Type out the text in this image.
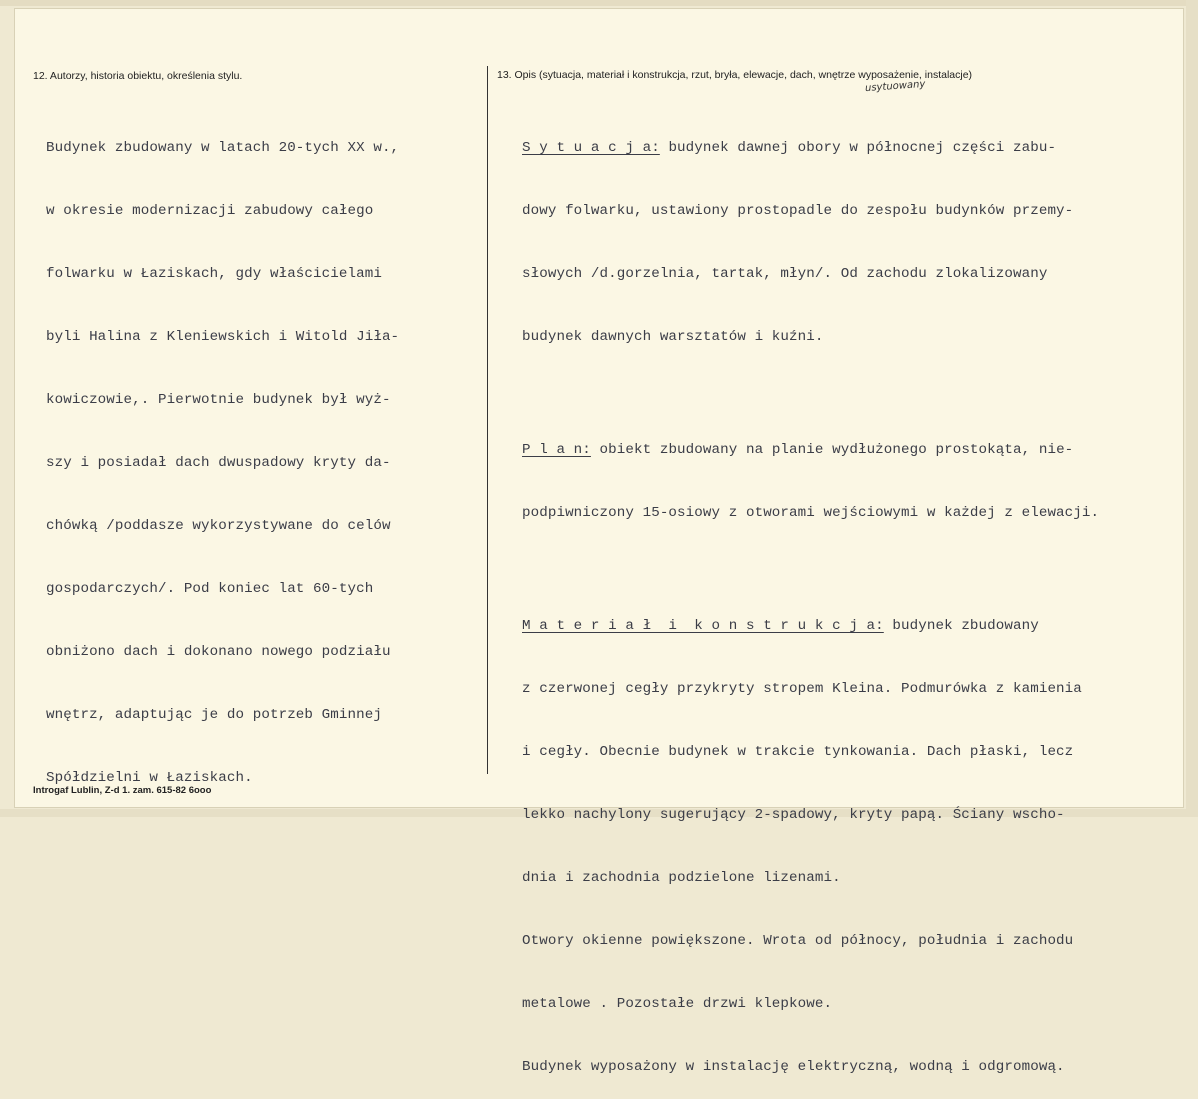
12. Autorzy, historia obiektu, określenia stylu.	13. Opis (sytuacja, materiał i konstrukcja, rzut, bryła, elewacje, dach, wnętrze wyposażenie, instalacje)

Budynek zbudowany w latach 20-tych XX w.,

w okresie modernizacji zabudowy całego

folwarku w Łaziskach, gdy właścicielami

byli Halina z Kleniewskich i Witold Jiła-

kowiczowie,. Pierwotnie budynek był wyż-

szy i posiadał dach dwuspadowy kryty da-

chówką /poddasze wykorzystywane do celów

gospodarczych/. Pod koniec lat 60-tych

obniżono dach i dokonano nowego podziału

wnętrz, adaptując je do potrzeb Gminnej

Spółdzielni w Łaziskach.

usytuowany

S y t u a c j a: budynek dawnej obory w północnej części zabu-

dowy folwarku, ustawiony prostopadle do zespołu budynków przemy-

słowych /d.gorzelnia, tartak, młyn/. Od zachodu zlokalizowany

budynek dawnych warsztatów i kuźni.

P l a n: obiekt zbudowany na planie wydłużonego prostokąta, nie-

podpiwniczony 15-osiowy z otworami wejściowymi w każdej z elewacji.

M a t e r i a ł  i  k o n s t r u k c j a: budynek zbudowany

z czerwonej cegły przykryty stropem Kleina. Podmurówka z kamienia

i cegły. Obecnie budynek w trakcie tynkowania. Dach płaski, lecz

lekko nachylony sugerujący 2-spadowy, kryty papą. Ściany wscho-

dnia i zachodnia podzielone lizenami.

Otwory okienne powiększone. Wrota od północy, południa i zachodu

metalowe . Pozostałe drzwi klepkowe.

Budynek wyposażony w instalację elektryczną, wodną i odgromową.

Introgaf Lublin, Z-d 1. zam. 615-82 6ooo
